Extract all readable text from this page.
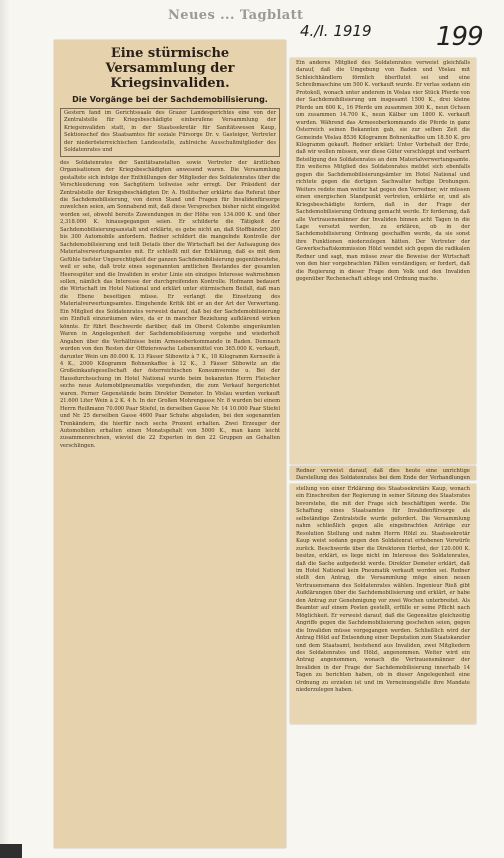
Neues ... Tagblatt
4./I. 1919	199
Eine stürmische Versammlung der Kriegsinvaliden.
Die Vorgänge bei der Sachdemobilisierung.

Gestern fand im Gerichtssaale des Grazer Landesgerichtes eine von der Zentralstelle für Kriegsbeschädigte einberufene Versammlung der Kriegsinvaliden statt, in der Staatssekretär für Sanitätswesen Kaup, Sektionschef des Staatsamtes für soziale Fürsorge Dr. v. Gasteiger, Vertreter der niederösterreichischen Landesstelle, zahlreiche Ausschußmitglieder des Soldatenrates und

des Soldatenrates der Sanitätsanstalten sowie Vertreter der ärztlichen Organisationen der Kriegsbeschädigten anwesend waren. Die Versammlung gestaltete sich infolge der Enthüllungen der Mitglieder des Soldatenrates über die Verschleuderung von Sachgütern teilweise sehr erregt. Der Präsident der Zentralstelle der Kriegsbeschädigten Dr. A. Hollitscher erklärte das Referat über die Sachdemobilisierung, von deren Stand und Fragen für Invalidenfürsorge zuwelchen seien, am Sonnabend mit, daß diese Versprechen bisher nicht eingelöst worden sei, obwohl bereits Zuwendungen in der Höhe von 134.000 K. und über 2,318.000 K. hinausgegangen seien. Er schilderte die Tätigkeit der Sachdemobilisierungsanstalt und erklärte, es gebe nicht an, daß Stoffbänder, 200 bis 300 Automobile anfordern. Redner schildert die mangelnde Kontrolle der Sachdemobilisierung und teilt Details über die Wirtschaft bei der Aufsaugung des Materialverwertungsamtes mit. Er schließt mit der Erklärung, daß es mit dem Gefühle tiefster Ungerechtigkeit der ganzen Sachdemobilisierung gegenüberstehe, weil er sehe, daß trotz eines sogenannten amtlichen Bestandes der gesamten Heeresgüter und die Invaliden in erster Linie ein einziges Interesse wahrnehmen sollen, nämlich das Interesse der durchgreifenden Kontrolle. Hofmann bedauert die Wirtschaft im Hotel National und erklärt unter stürmischem Beifall, daß man die Ebene beseitigen müsse. Er verlangt die Einsetzung des Materialverwertungsamtes. Eingehende Kritik übt er an der Art der Verwertung. Ein Mitglied des Soldatenrates verweist darauf, daß bei der Sachdemobilisierung ein Einfluß einzuräumen wäre, da er in mancher Beziehung aufklärend wirken könnte. Er führt Beschwerde darüber, daß im Oberst Colombo eingeräumten Waren in Angelegenheit der Sachdemobilisierung vorgehe und wiederholt Angaben über die Verhältnisse beim Armeeoberkommando in Baden. Demnach wurden von den Resten der Offizierswache Lebensmittel von 365.000 K. verkauft, darunter Wein um 80.000 K. 13 Fässer Slibowitz à 7 K., 18 Kilogramm Kernseife à 4 K., 2000 Kilogramm Bohnenkaffee à 12 K., 3 Fässer Slibowitz an die Großeinkaufsgesellschaft der österreichischen Konsumvereine u. Bei der Hausdurchsuchung im Hotel National wurde beim bekannten Herrn Fleischer sechs neue Automobilpneumatiks vorgefunden, die zum Verkauf hergerichtet waren. Ferner Gegenstände beim Direktor Demeter. In Vöslau wurden verkauft 21.600 Liter Wein à 2 K. 4 h. In der Großen Mohrengasse Nr. 8 wurden bei einem Herrn Reißmann 70.000 Paar Stiefel, in derselben Gasse Nr. 14 10.000 Paar Stiefel und Nr. 25 derselben Gasse 4600 Paar Schuhe abgeladen, bei den sogenannten Trenkändern, die hierfür noch sechs Prozent erhalten. Zwei Erzeuger der Automobilien erhalten einen Monatsgehalt von 5000 K., man kann leicht zusammenrechnen, wieviel die 22 Experten in den 22 Gruppen an Gehalten verschlingen.

Ein anderes Mitglied des Soldatenrates verweist gleichfalls darauf, daß die Umgebung von Baden und Vöslau mit Schleichhändlern förmlich überflutet sei und eine Schreibmaschine um 500 K. verkauft wurde. Er verlas sodann ein Protokoll, wonach unter anderem in Vöslau vier Stück Pferde von der Sachdemobilisierung um insgesamt 1500 K., drei kleine Pferde um 600 K., 16 Pferde um zusammen 300 K., neun Ochsen um zusammen 14.700 K., neun Kälber um 1800 K. verkauft wurden. Während das Armeeoberkommando die Pferde in ganz Österreich seinen Bekannten gab, sie zur selben Zeit die Gemeinde Vöslau 8536 Kilogramm Bohnenkaffee um 18.50 K. pro Kilogramm gekauft. Redner erklärt: Unter Vorbehalt der Erde, daß wir wollen müssen, wer diese Güter verschleppt und verbarrt Beteiligung des Soldatenrates an dem Materialverwertungsamte. Ein weiteres Mitglied des Soldatenrates meldet sich ebenfalls gegen die Sachdemobilisierungsämter im Hotel National und richtete gegen die dortigen Sachwalter heftige Drohungen. Weiters redete man weiter hat gegen den Vorredner, wir müssen einen energischen Standpunkt vertreten, erklärte er, und als Kriegsbeschädigte fordern, daß in der Frage der Sachdemobilisierung Ordnung gemacht werde. Er forderung, daß alle Vertrauensmänner der Invaliden binnen acht Tagen in die Lage versetzt werden, zu erklären, ob in der Sachdemobilisierung Ordnung geschaffen werde, da sie sonst ihre Funktionen niederzulegen hätten. Der Vertreter der Gewerkschaftskommission Hölzl wendet sich gegen die radikalen Redner und sagt, man müsse zwar die Beweise der Wirtschaft von den hier vorgebrachten Fällen verständigen; er fordert, daß die Regierung in dieser Frage dem Volk und den Invaliden gegenüber Rechenschaft ablege und Ordnung mache.

Redner verweist darauf, daß dies heute eine unrichtige Darstellung des Soldatenrates bei dem Ende der Verhandlungen

stellung von einer Erklärung des Staatssekretärs Kaup, wonach ein Einschreiten der Regierung in seiner Sitzung des Staatsrates bevorstehe, die mit der Frage sich beschäftigen werde. Die Schaffung eines Staatsamtes für Invalidenfürsorge als selbständige Zentralstelle wurde gefordert. Die Versammlung nahm schließlich gegen alle eingebrachten Anträge zur Resolution Stellung und nahm Herrn Hölzl zu. Staatssekretär Kaup weist sodann gegen den Soldatenrat erhobenen Vorwürfe zurück. Beschwerde über die Direktoren Herbst, der 120.000 K. besitze, erklärt, es liege nicht im Interesse des Soldatenrates, daß die Sache aufgedeckt werde. Direktor Demeter erklärt, daß im Hotel National kein Pneumatik verkauft worden sei. Redner stellt den Antrag, die Versammlung möge einen neuen Vertrauensmann des Soldatenrates wählen. Ingenieur Rieß gibt Aufklärungen über die Sachdemobilisierung und erklärt, er habe den Antrag zur Genehmigung vor zwei Wochen unterbreitet. Als Beamter auf einem Posten gestellt, erfülle er seine Pflicht nach Möglichkeit. Er verweist darauf, daß die Gegensätze gleichzeitig Angriffe gegen die Sachdemobilisierung geschehen seien, gegen die Invaliden müsse vorgegangen werden. Schließlich wird der Antrag Hölzl auf Entsendung einer Deputation zum Staatskanzler und dem Staatsamt, bestehend aus Invaliden, zwei Mitgliedern des Soldatenrates und Hölzl, angenommen. Weiter wird ein Antrag angenommen, wonach die Vertrauensmänner der Invaliden in der Frage der Sachdemobilisierung innerhalb 14 Tagen zu berichten haben, ob in dieser Angelegenheit eine Ordnung zu erzielen ist und im Verneinungsfalle ihre Mandate niederzulegen haben.
